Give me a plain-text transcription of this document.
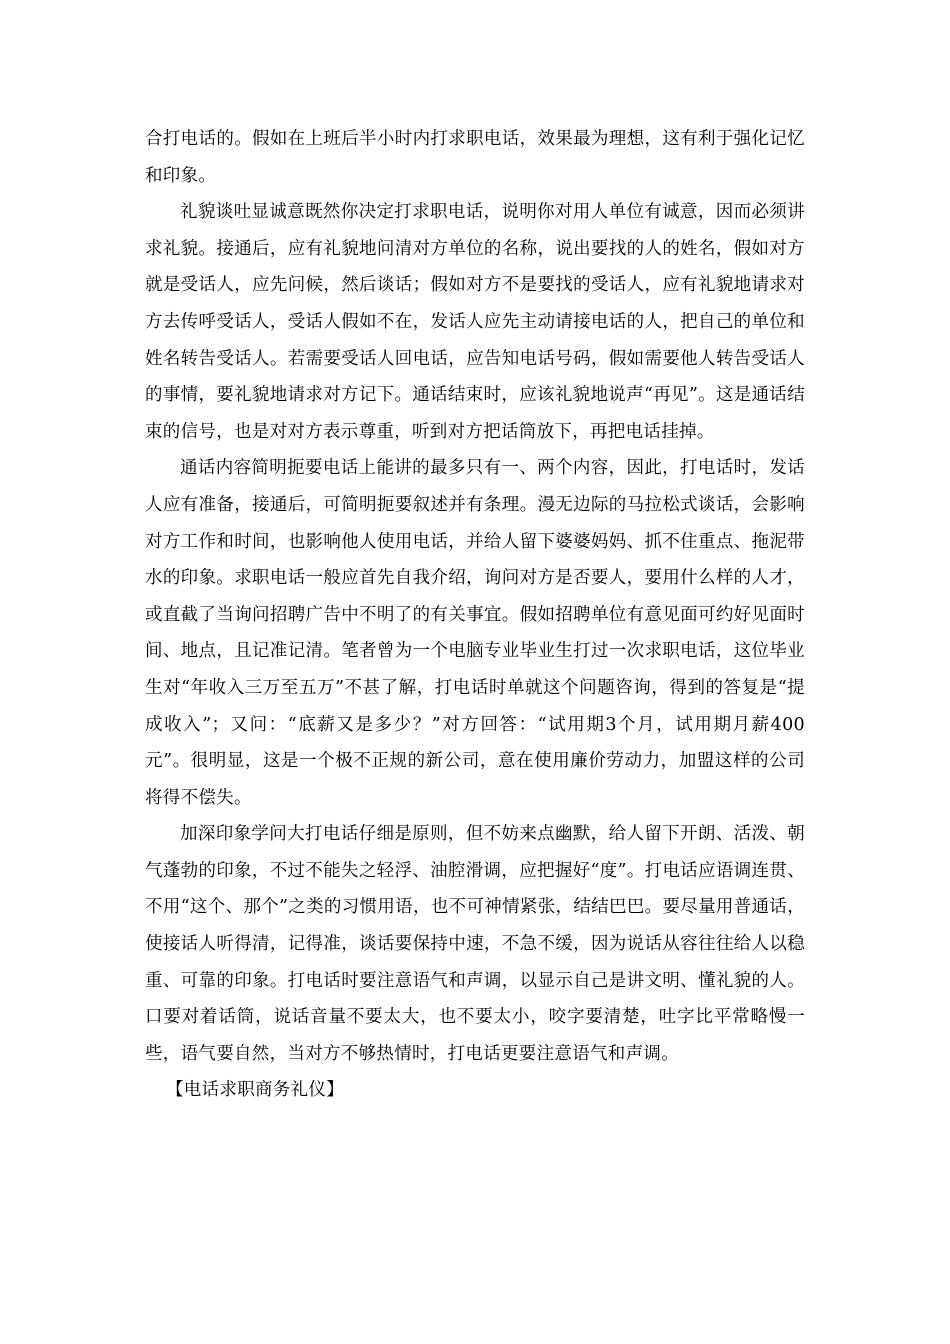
合打电话的。假如在上班后半小时内打求职电话，效果最为理想，这有利于强化记忆和印象。

礼貌谈吐显诚意既然你决定打求职电话，说明你对用人单位有诚意，因而必须讲求礼貌。接通后，应有礼貌地问清对方单位的名称，说出要找的人的姓名，假如对方就是受话人，应先问候，然后谈话；假如对方不是要找的受话人，应有礼貌地请求对方去传呼受话人，受话人假如不在，发话人应先主动请接电话的人，把自己的单位和姓名转告受话人。若需要受话人回电话，应告知电话号码，假如需要他人转告受话人的事情，要礼貌地请求对方记下。通话结束时，应该礼貌地说声“再见”。这是通话结束的信号，也是对对方表示尊重，听到对方把话筒放下，再把电话挂掉。

通话内容简明扼要电话上能讲的最多只有一、两个内容，因此，打电话时，发话人应有准备，接通后，可简明扼要叙述并有条理。漫无边际的马拉松式谈话，会影响对方工作和时间，也影响他人使用电话，并给人留下婆婆妈妈、抓不住重点、拖泥带水的印象。求职电话一般应首先自我介绍，询问对方是否要人，要用什么样的人才，或直截了当询问招聘广告中不明了的有关事宜。假如招聘单位有意见面可约好见面时间、地点，且记准记清。笔者曾为一个电脑专业毕业生打过一次求职电话，这位毕业生对“年收入三万至五万”不甚了解，打电话时单就这个问题咨询，得到的答复是“提成收入”；又问：“底薪又是多少？”对方回答：“试用期3个月，试用期月薪400元”。很明显，这是一个极不正规的新公司，意在使用廉价劳动力，加盟这样的公司将得不偿失。

加深印象学问大打电话仔细是原则，但不妨来点幽默，给人留下开朗、活泼、朝气蓬勃的印象，不过不能失之轻浮、油腔滑调，应把握好“度”。打电话应语调连贯、不用“这个、那个”之类的习惯用语，也不可神情紧张，结结巴巴。要尽量用普通话，使接话人听得清，记得准，谈话要保持中速，不急不缓，因为说话从容往往给人以稳重、可靠的印象。打电话时要注意语气和声调，以显示自己是讲文明、懂礼貌的人。口要对着话筒，说话音量不要太大，也不要太小，咬字要清楚，吐字比平常略慢一些，语气要自然，当对方不够热情时，打电话更要注意语气和声调。

【电话求职商务礼仪】
